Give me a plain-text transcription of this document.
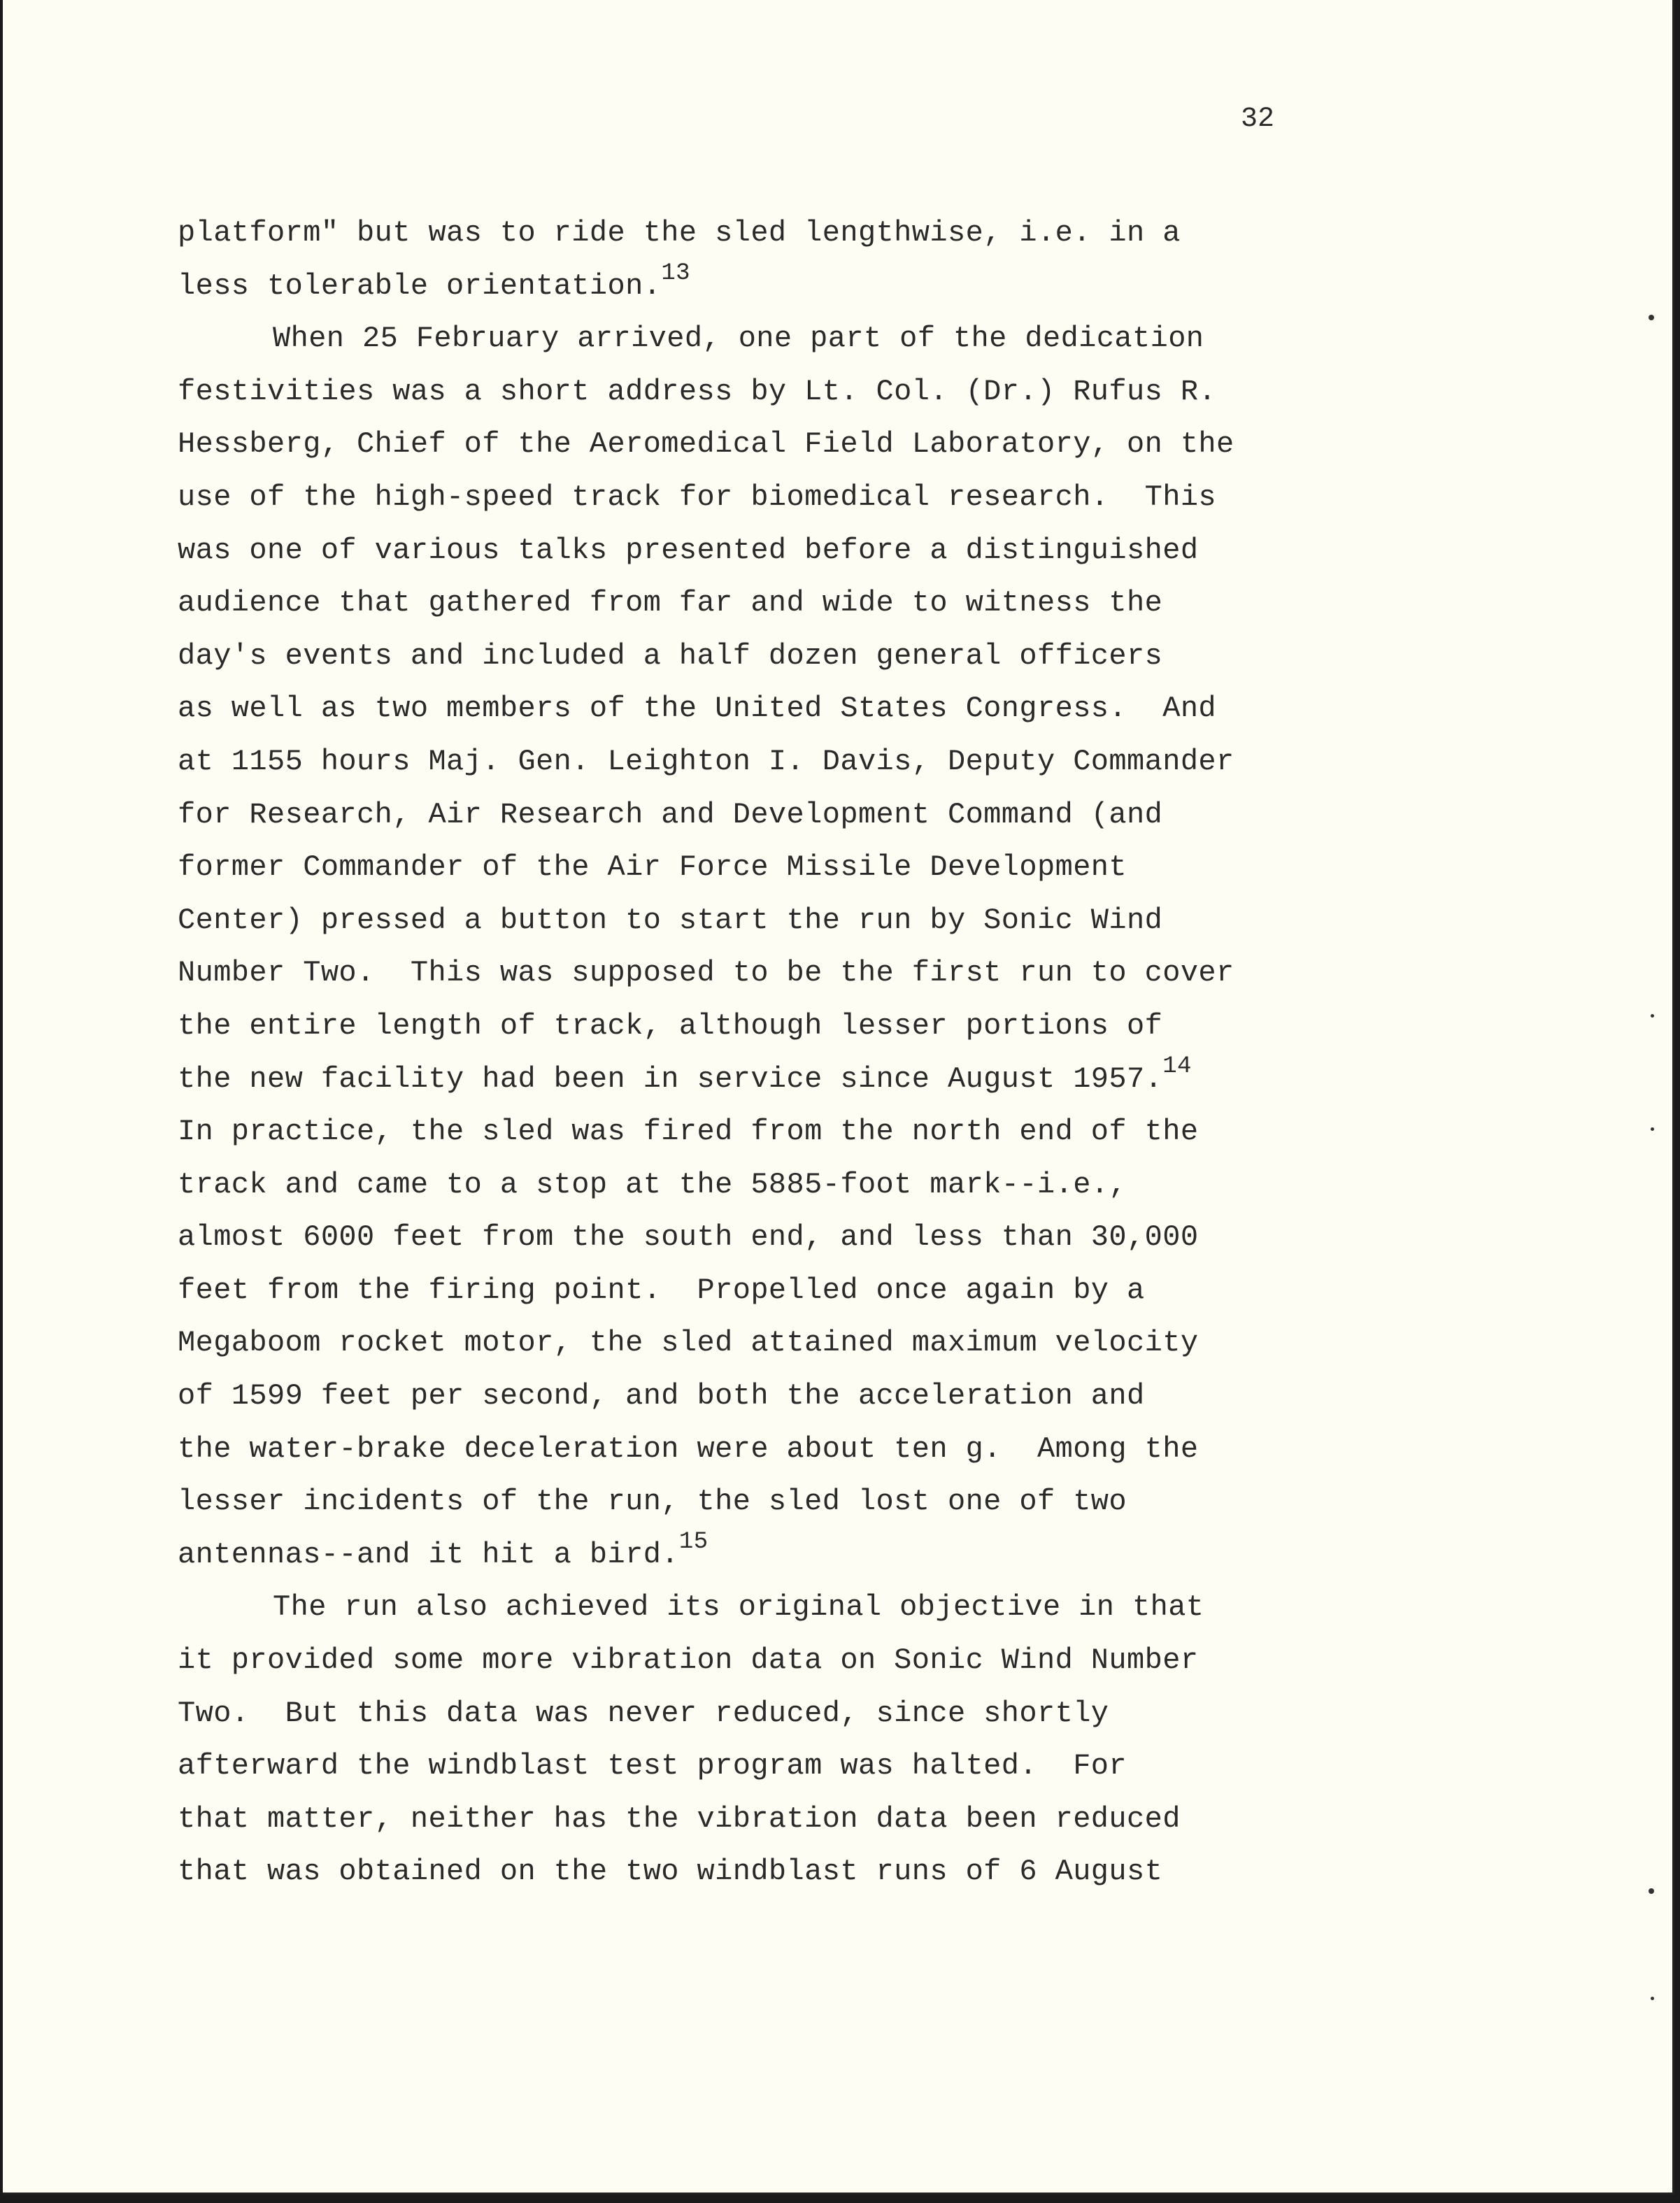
32
platform" but was to ride the sled lengthwise, i.e. in a
less tolerable orientation.$^{13}$
When 25 February arrived, one part of the dedication
festivities was a short address by Lt. Col. (Dr.) Rufus R.
Hessberg, Chief of the Aeromedical Field Laboratory, on the
use of the high-speed track for biomedical research.  This
was one of various talks presented before a distinguished
audience that gathered from far and wide to witness the
day's events and included a half dozen general officers
as well as two members of the United States Congress.  And
at 1155 hours Maj. Gen. Leighton I. Davis, Deputy Commander
for Research, Air Research and Development Command (and
former Commander of the Air Force Missile Development
Center) pressed a button to start the run by Sonic Wind
Number Two.  This was supposed to be the first run to cover
the entire length of track, although lesser portions of
the new facility had been in service since August 1957.14
In practice, the sled was fired from the north end of the
track and came to a stop at the 5885-foot mark--i.e.,
almost 6000 feet from the south end, and less than 30,000
feet from the firing point.  Propelled once again by a
Megaboom rocket motor, the sled attained maximum velocity
of 1599 feet per second, and both the acceleration and
the water-brake deceleration were about ten g.  Among the
lesser incidents of the run, the sled lost one of two
antennas--and it hit a bird.$^{15}$
The run also achieved its original objective in that
it provided some more vibration data on Sonic Wind Number
Two.  But this data was never reduced, since shortly
afterward the windblast test program was halted.  For
that matter, neither has the vibration data been reduced
that was obtained on the two windblast runs of 6 August
